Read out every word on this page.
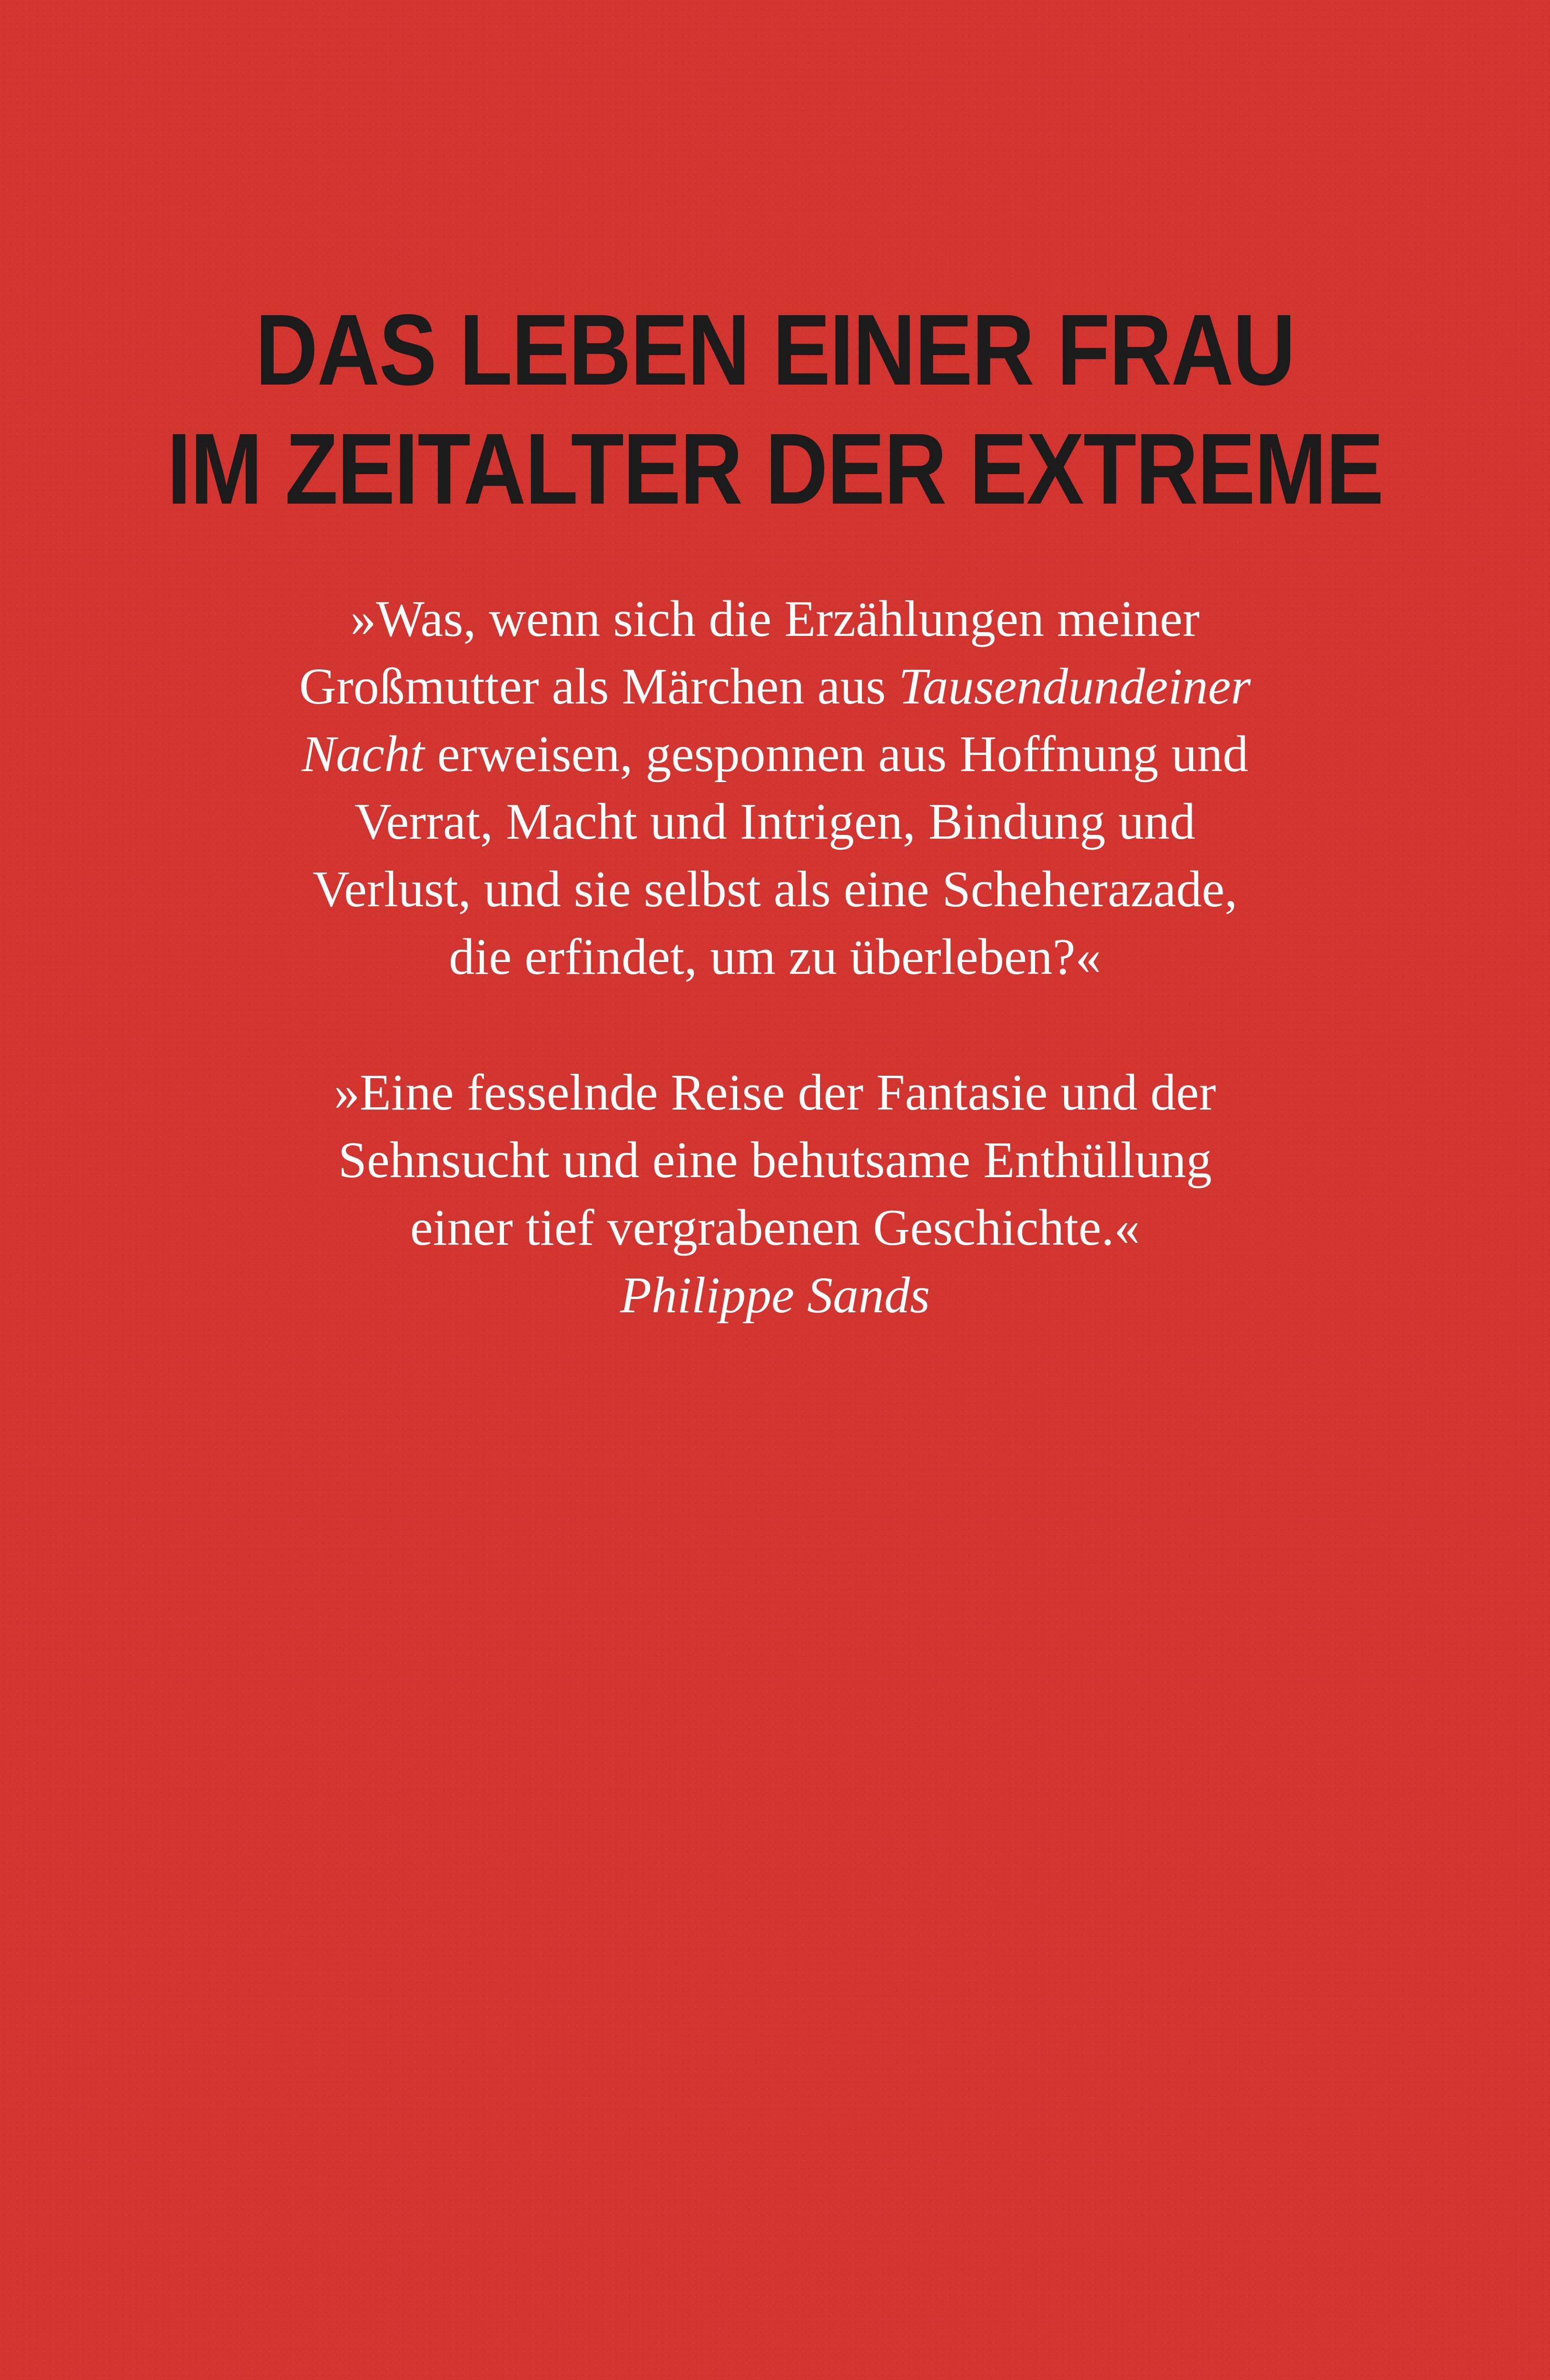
DAS LEBEN EINER FRAU
IM ZEITALTER DER EXTREME
»Was, wenn sich die Erzählungen meiner
Großmutter als Märchen aus Tausendundeiner
Nacht erweisen, gesponnen aus Hoffnung und
Verrat, Macht und Intrigen, Bindung und
Verlust, und sie selbst als eine Scheherazade,
die erfindet, um zu überleben?«
»Eine fesselnde Reise der Fantasie und der
Sehnsucht und eine behutsame Enthüllung
einer tief vergrabenen Geschichte.«
Philippe Sands
